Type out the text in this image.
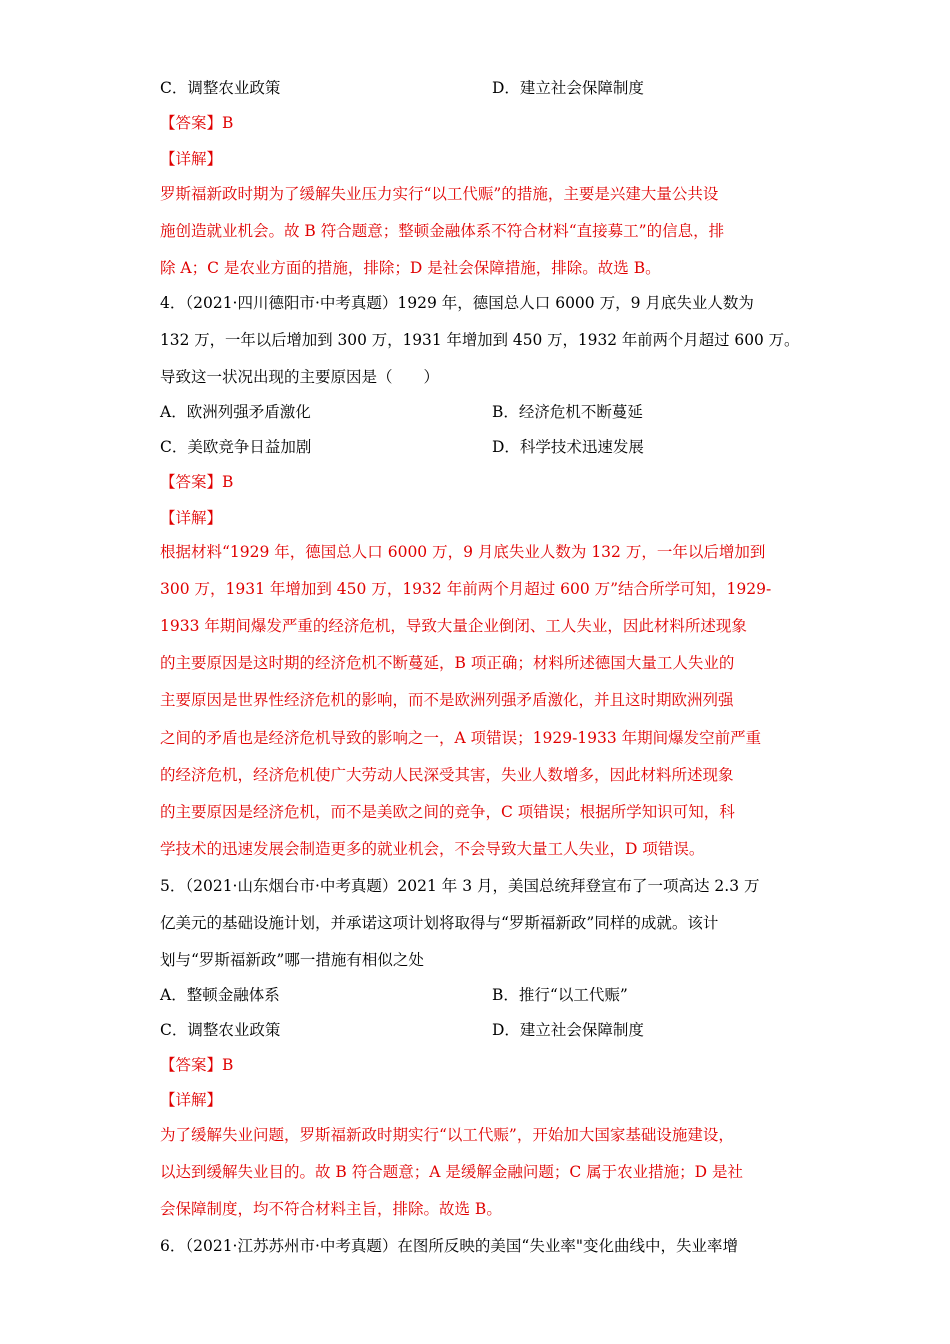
C．调整农业政策	D．建立社会保障制度
【答案】B
【详解】
罗斯福新政时期为了缓解失业压力实行“以工代赈”的措施，主要是兴建大量公共设
施创造就业机会。故 B 符合题意；整顿金融体系不符合材料“直接募工”的信息，排
除 A；C 是农业方面的措施，排除；D 是社会保障措施，排除。故选 B。
4．（2021·四川德阳市·中考真题）1929 年，德国总人口 6000 万，9 月底失业人数为
132 万，一年以后增加到 300 万，1931 年增加到 450 万，1932 年前两个月超过 600 万。
导致这一状况出现的主要原因是（　　）
A．欧洲列强矛盾激化	B．经济危机不断蔓延
C．美欧竞争日益加剧	D．科学技术迅速发展
【答案】B
【详解】
根据材料“1929 年，德国总人口 6000 万，9 月底失业人数为 132 万，一年以后增加到
300 万，1931 年增加到 450 万，1932 年前两个月超过 600 万”结合所学可知，1929-
1933 年期间爆发严重的经济危机，导致大量企业倒闭、工人失业，因此材料所述现象
的主要原因是这时期的经济危机不断蔓延，B 项正确；材料所述德国大量工人失业的
主要原因是世界性经济危机的影响，而不是欧洲列强矛盾激化，并且这时期欧洲列强
之间的矛盾也是经济危机导致的影响之一，A 项错误；1929-1933 年期间爆发空前严重
的经济危机，经济危机使广大劳动人民深受其害，失业人数增多，因此材料所述现象
的主要原因是经济危机，而不是美欧之间的竞争，C 项错误；根据所学知识可知，科
学技术的迅速发展会制造更多的就业机会，不会导致大量工人失业，D 项错误。
5．（2021·山东烟台市·中考真题）2021 年 3 月，美国总统拜登宣布了一项高达 2.3 万
亿美元的基础设施计划，并承诺这项计划将取得与“罗斯福新政”同样的成就。该计
划与“罗斯福新政”哪一措施有相似之处
A．整顿金融体系	B．推行“以工代赈”
C．调整农业政策	D．建立社会保障制度
【答案】B
【详解】
为了缓解失业问题，罗斯福新政时期实行“以工代赈”，开始加大国家基础设施建设，
以达到缓解失业目的。故 B 符合题意；A 是缓解金融问题；C 属于农业措施；D 是社
会保障制度，均不符合材料主旨，排除。故选 B。
6．（2021·江苏苏州市·中考真题）在图所反映的美国“失业率"变化曲线中，失业率增
